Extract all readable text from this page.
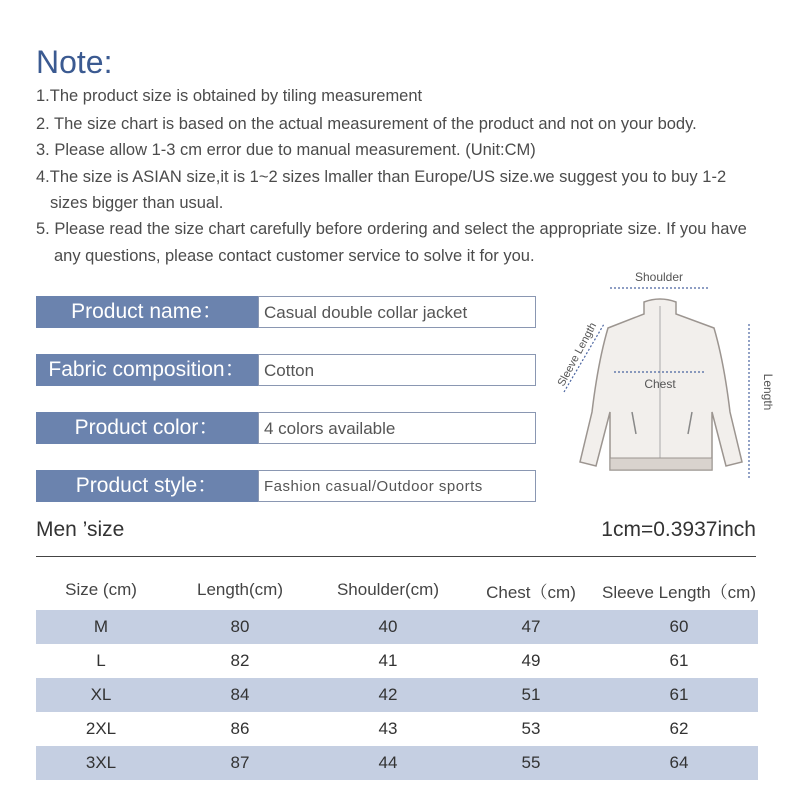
Note:
1.The product size is obtained by tiling measurement
2. The size chart is based on the actual measurement of the product and not on your body.
3. Please allow 1-3 cm error due to manual measurement. (Unit:CM)
4.The size is ASIAN size,it is 1~2 sizes lmaller than Europe/US size.we suggest you to buy 1-2
sizes bigger than usual.
5. Please read the size chart carefully before ordering and select the appropriate size. If you have
any questions, please contact customer service to solve it for you.
Product name：	Casual double collar jacket
Fabric composition：	Cotton
Product color：	4 colors available
Product style：	Fashion casual/Outdoor sports
Shoulder
Chest
Sleeve Length
Length
Men ’size	1cm=0.3937inch
Size (cm)	Length(cm)	Shoulder(cm)	Chest（cm)	Sleeve Length（cm)
M	80	40	47	60
L	82	41	49	61
XL	84	42	51	61
2XL	86	43	53	62
3XL	87	44	55	64
